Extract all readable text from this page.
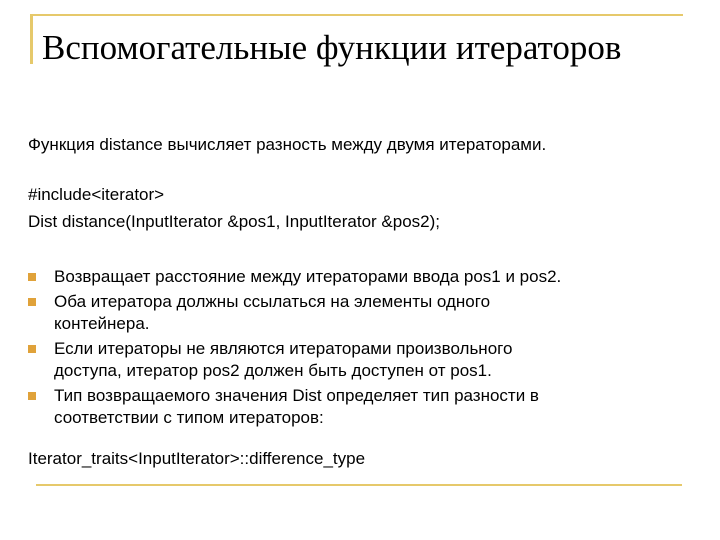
Вспомогательные функции итераторов
Функция distance вычисляет разность между двумя итераторами.
#include<iterator>
Dist distance(InputIterator &pos1, InputIterator &pos2);
Возвращает расстояние между итераторами ввода pos1 и pos2.
Оба итератора должны ссылаться на элементы одного
контейнера.
Если итераторы не являются итераторами произвольного
доступа, итератор pos2 должен быть доступен от pos1.
Тип возвращаемого значения Dist определяет тип разности в
соответствии с типом итераторов:
Iterator_traits<InputIterator>::difference_type
